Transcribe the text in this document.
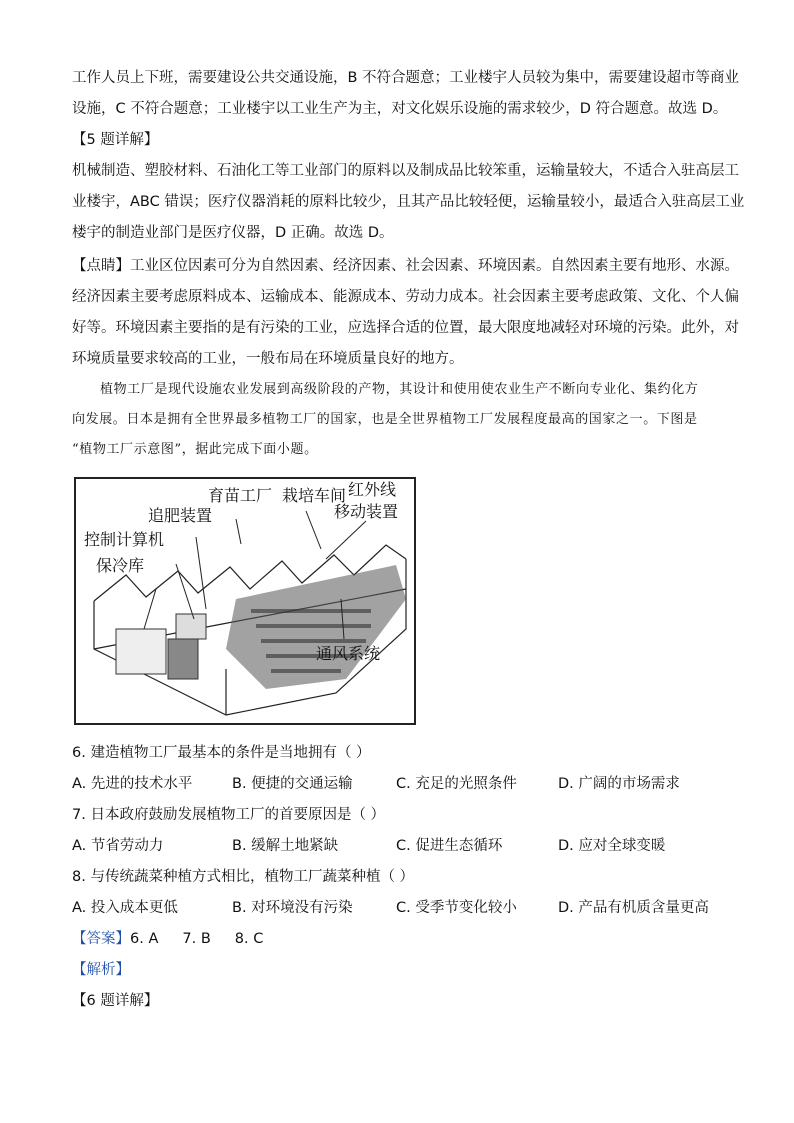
工作人员上下班，需要建设公共交通设施，B 不符合题意；工业楼宇人员较为集中，需要建设超市等商业
设施，C 不符合题意；工业楼宇以工业生产为主，对文化娱乐设施的需求较少，D 符合题意。故选 D。
【5 题详解】
机械制造、塑胶材料、石油化工等工业部门的原料以及制成品比较笨重，运输量较大，不适合入驻高层工
业楼宇，ABC 错误；医疗仪器消耗的原料比较少，且其产品比较轻便，运输量较小，最适合入驻高层工业
楼宇的制造业部门是医疗仪器，D 正确。故选 D。
【点睛】工业区位因素可分为自然因素、经济因素、社会因素、环境因素。自然因素主要有地形、水源。
经济因素主要考虑原料成本、运输成本、能源成本、劳动力成本。社会因素主要考虑政策、文化、个人偏
好等。环境因素主要指的是有污染的工业，应选择合适的位置，最大限度地减轻对环境的污染。此外，对
环境质量要求较高的工业，一般布局在环境质量良好的地方。
植物工厂是现代设施农业发展到高级阶段的产物，其设计和使用使农业生产不断向专业化、集约化方
向发展。日本是拥有全世界最多植物工厂的国家，也是全世界植物工厂发展程度最高的国家之一。下图是
“植物工厂示意图”，据此完成下面小题。
育苗工厂 栽培车间 红外线
移动装置
追肥装置
控制计算机
保冷库
通风系统
6. 建造植物工厂最基本的条件是当地拥有（ ）
A. 先进的技术水平	B. 便捷的交通运输	C. 充足的光照条件	D. 广阔的市场需求
7. 日本政府鼓励发展植物工厂的首要原因是（ ）
A. 节省劳动力	B. 缓解土地紧缺	C. 促进生态循环	D. 应对全球变暖
8. 与传统蔬菜种植方式相比，植物工厂蔬菜种植（ ）
A. 投入成本更低	B. 对环境没有污染	C. 受季节变化较小	D. 产品有机质含量更高
【答案】6. A 7. B 8. C
【解析】
【6 题详解】
